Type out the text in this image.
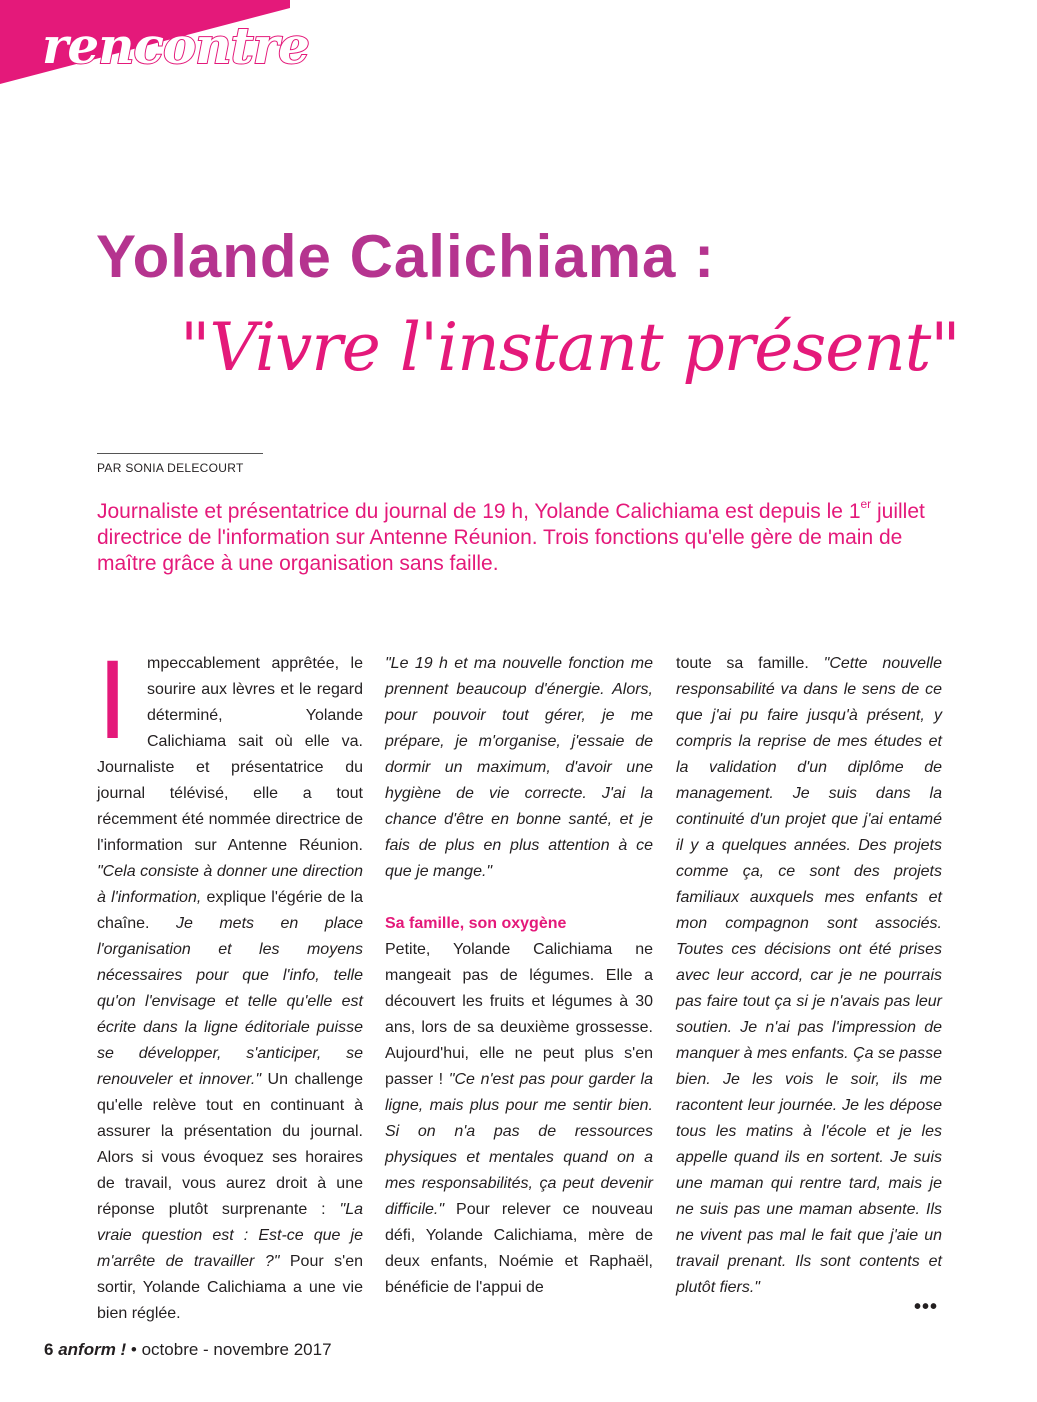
rencontre
Yolande Calichiama :
"Vivre l'instant présent"
PAR SONIA DELECOURT

Journaliste et présentatrice du journal de 19 h, Yolande Calichiama est depuis le 1er juillet directrice de l'information sur Antenne Réunion. Trois fonctions qu'elle gère de main de maître grâce à une organisation sans faille.

I	mpeccablement apprêtée, le sourire aux lèvres et le regard déterminé, Yolande Calichiama sait où elle va. Journaliste et présentatrice du journal télévisé, elle a tout récemment été nommée directrice de l'information sur Antenne Réunion. "Cela consiste à donner une direction à l'information, explique l'égérie de la chaîne. Je mets en place l'organisation et les moyens nécessaires pour que l'info, telle qu'on l'envisage et telle qu'elle est écrite dans la ligne éditoriale puisse se développer, s'anticiper, se renouveler et innover." Un challenge qu'elle relève tout en continuant à assurer la présentation du journal. Alors si vous évoquez ses horaires de travail, vous aurez droit à une réponse plutôt surprenante : "La vraie question est : Est-ce que je m'arrête de travailler ?" Pour s'en sortir, Yolande Calichiama a une vie bien réglée.

"Le 19 h et ma nouvelle fonction me prennent beaucoup d'énergie. Alors, pour pouvoir tout gérer, je me prépare, je m'organise, j'essaie de dormir un maximum, d'avoir une hygiène de vie correcte. J'ai la chance d'être en bonne santé, et je fais de plus en plus attention à ce que je mange."

Sa famille, son oxygène

Petite, Yolande Calichiama ne mangeait pas de légumes. Elle a découvert les fruits et légumes à 30 ans, lors de sa deuxième grossesse. Aujourd'hui, elle ne peut plus s'en passer ! "Ce n'est pas pour garder la ligne, mais plus pour me sentir bien. Si on n'a pas de ressources physiques et mentales quand on a mes responsabilités, ça peut devenir difficile." Pour relever ce nouveau défi, Yolande Calichiama, mère de deux enfants, Noémie et Raphaël, bénéficie de l'appui de

toute sa famille. "Cette nouvelle responsabilité va dans le sens de ce que j'ai pu faire jusqu'à présent, y compris la reprise de mes études et la validation d'un diplôme de management. Je suis dans la continuité d'un projet que j'ai entamé il y a quelques années. Des projets comme ça, ce sont des projets familiaux auxquels mes enfants et mon compagnon sont associés. Toutes ces décisions ont été prises avec leur accord, car je ne pourrais pas faire tout ça si je n'avais pas leur soutien. Je n'ai pas l'impression de manquer à mes enfants. Ça se passe bien. Je les vois le soir, ils me racontent leur journée. Je les dépose tous les matins à l'école et je les appelle quand ils en sortent. Je suis une maman qui rentre tard, mais je ne suis pas une maman absente. Ils ne vivent pas mal le fait que j'aie un travail prenant. Ils sont contents et plutôt fiers."

•••
6 anform ! • octobre - novembre 2017
